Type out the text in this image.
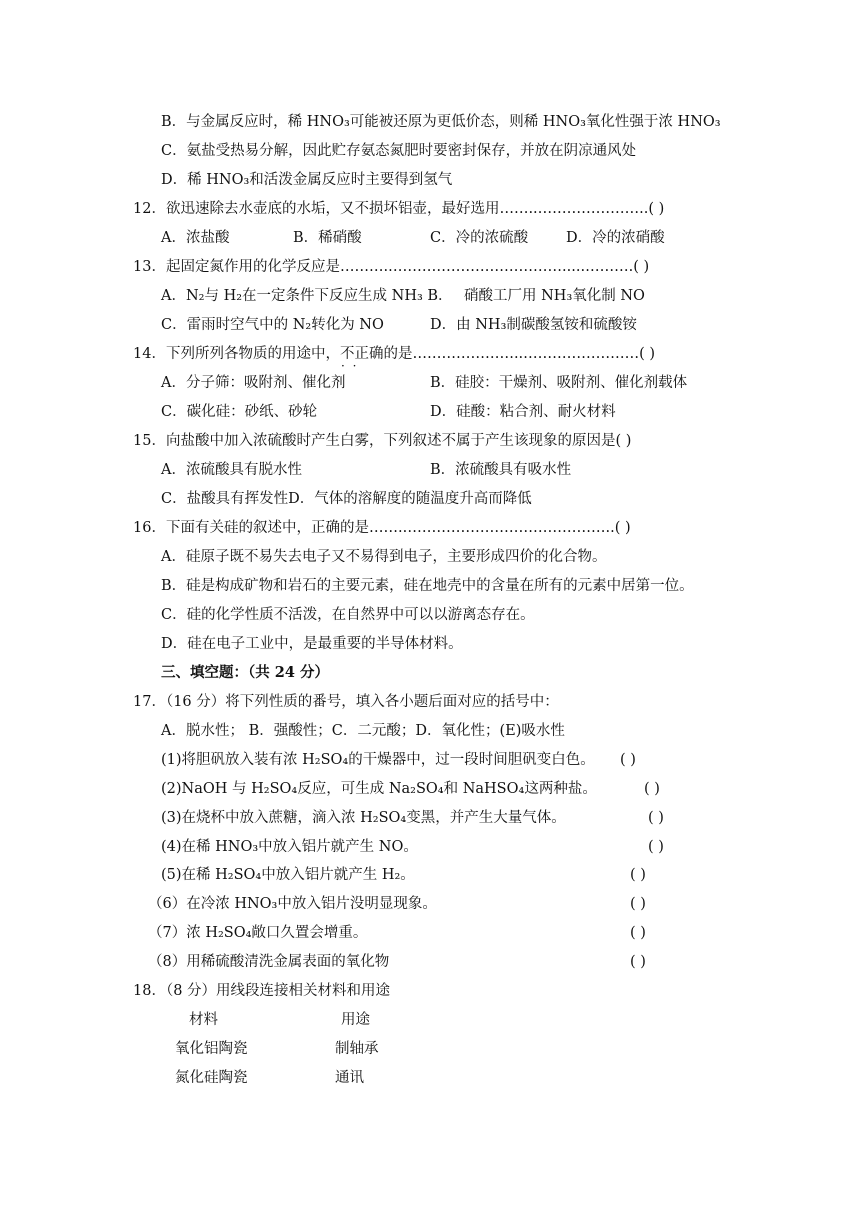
B．与金属反应时，稀 HNO₃可能被还原为更低价态，则稀 HNO₃氧化性强于浓 HNO₃
C．氨盐受热易分解，因此贮存氨态氮肥时要密封保存，并放在阴凉通风处
D．稀 HNO₃和活泼金属反应时主要得到氢气
12．欲迅速除去水壶底的水垢，又不损坏铝壶，最好选用……..…………………..( )
A．浓盐酸	B．稀硝酸	C．冷的浓硫酸	D．冷的浓硝酸
13．起固定氮作用的化学反应是……….……………………………….....……….( )
A．N₂与 H₂在一定条件下反应生成 NH₃ B． 硝酸工厂用 NH₃氧化制 NO
C．雷雨时空气中的 N₂转化为 NO	D．由 NH₃制碳酸氢铵和硫酸铵
14．下列所列各物质的用途中，不正确 · ·的是…………………..……………………( )
A．分子筛：吸附剂、催化剂	B．硅胶：干燥剂、吸附剂、催化剂载体
C．碳化硅：砂纸、砂轮	D．硅酸：粘合剂、耐火材料
15．向盐酸中加入浓硫酸时产生白雾，下列叙述不属于产生该现象的原因是( )
A．浓硫酸具有脱水性	B．浓硫酸具有吸水性
C．盐酸具有挥发性D．气体的溶解度的随温度升高而降低
16．下面有关硅的叙述中，正确的是…….……………………………………..( )
A．硅原子既不易失去电子又不易得到电子，主要形成四价的化合物。
B．硅是构成矿物和岩石的主要元素，硅在地壳中的含量在所有的元素中居第一位。
C．硅的化学性质不活泼，在自然界中可以以游离态存在。
D．硅在电子工业中，是最重要的半导体材料。
三、填空题：（共 24 分）
17．（16 分）将下列性质的番号，填入各小题后面对应的括号中：
A．脱水性； B．强酸性；C．二元酸；D．氧化性；(E)吸水性
(1)将胆矾放入装有浓 H₂SO₄的干燥器中，过一段时间胆矾变白色。 ( )
(2)NaOH 与 H₂SO₄反应，可生成 Na₂SO₄和 NaHSO₄这两种盐。	( )
(3)在烧杯中放入蔗糖，滴入浓 H₂SO₄变黑，并产生大量气体。	( )
(4)在稀 HNO₃中放入铝片就产生 NO。	( )
(5)在稀 H₂SO₄中放入铝片就产生 H₂。	( )
（6）在冷浓 HNO₃中放入铝片没明显现象。	( )
（7）浓 H₂SO₄敞口久置会增重。	( )
（8）用稀硫酸清洗金属表面的氧化物	( )
18．（8 分）用线段连接相关材料和用途
材料	用途
氧化铝陶瓷	制轴承
氮化硅陶瓷	通讯
